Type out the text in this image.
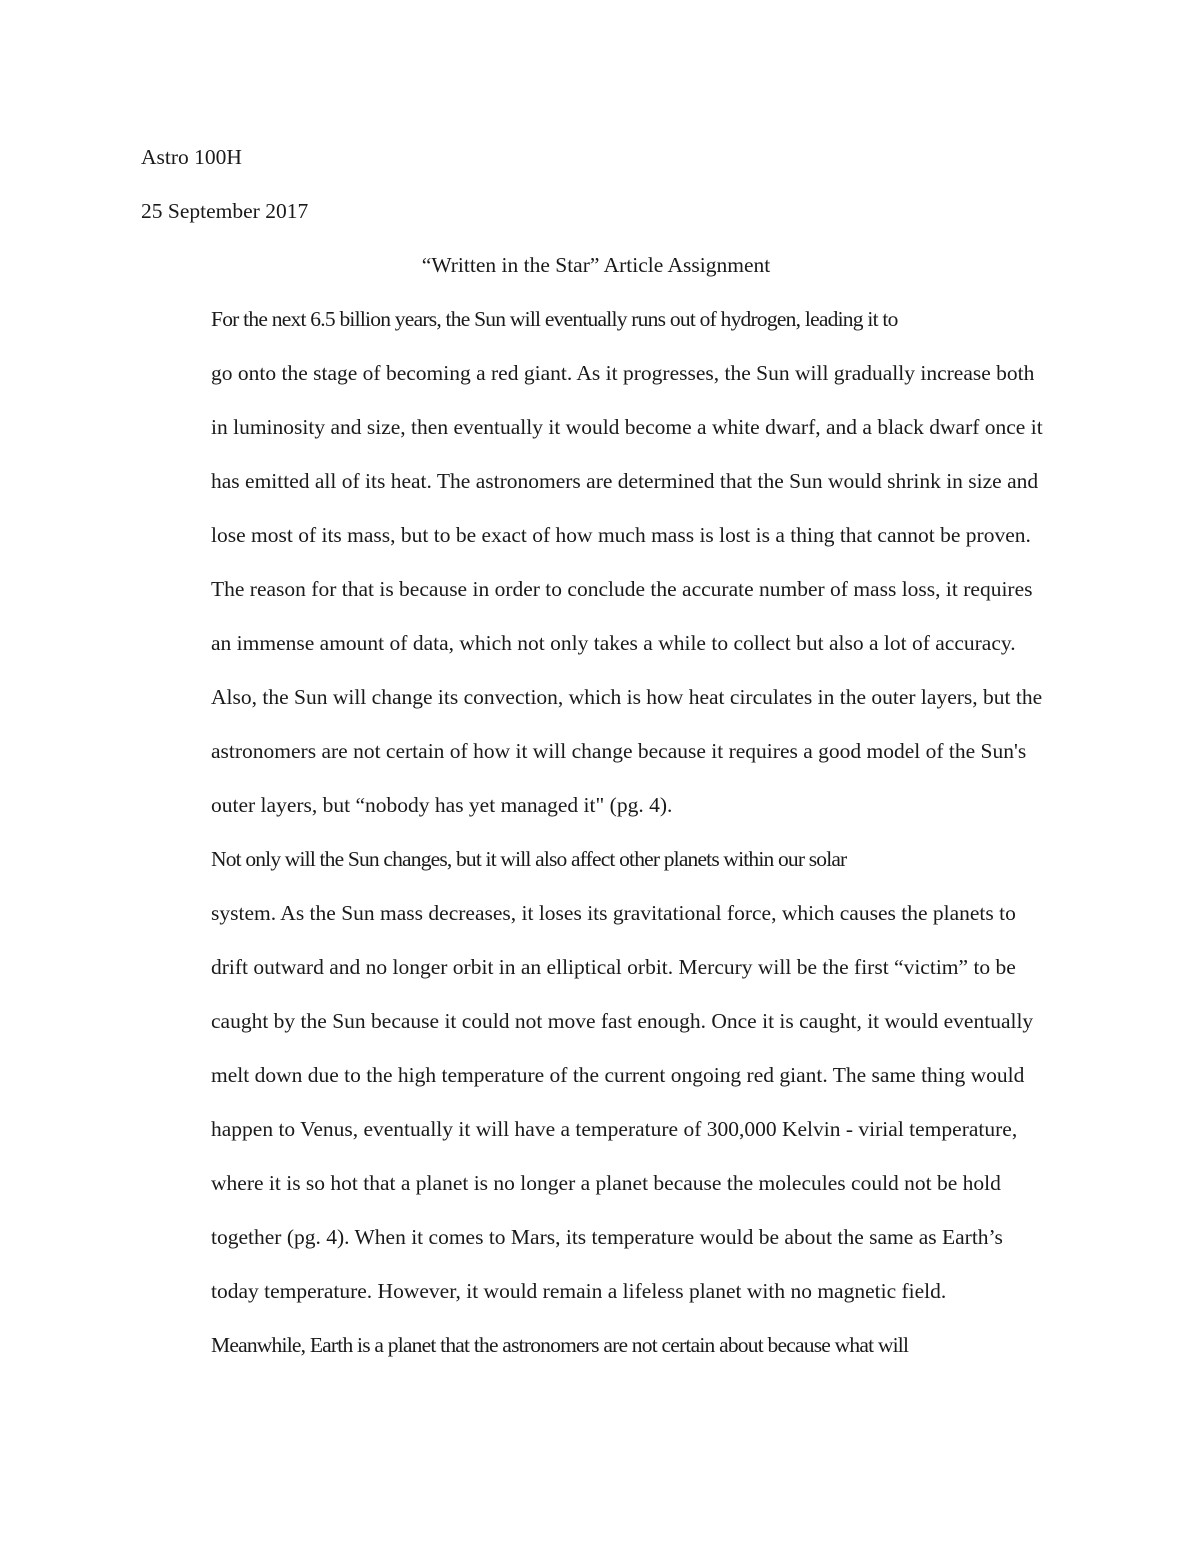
Astro 100H

25 September 2017

“Written in the Star” Article Assignment

For the next 6.5 billion years, the Sun will eventually runs out of hydrogen, leading it to
go onto the stage of becoming a red giant. As it progresses, the Sun will gradually increase both
in luminosity and size, then eventually it would become a white dwarf, and a black dwarf once it
has emitted all of its heat. The astronomers are determined that the Sun would shrink in size and
lose most of its mass, but to be exact of how much mass is lost is a thing that cannot be proven.
The reason for that is because in order to conclude the accurate number of mass loss, it requires
an immense amount of data, which not only takes a while to collect but also a lot of accuracy.
Also, the Sun will change its convection, which is how heat circulates in the outer layers, but the
astronomers are not certain of how it will change because it requires a good model of the Sun's
outer layers, but “nobody has yet managed it" (pg. 4).

Not only will the Sun changes, but it will also affect other planets within our solar
system. As the Sun mass decreases, it loses its gravitational force, which causes the planets to
drift outward and no longer orbit in an elliptical orbit. Mercury will be the first “victim” to be
caught by the Sun because it could not move fast enough. Once it is caught, it would eventually
melt down due to the high temperature of the current ongoing red giant. The same thing would
happen to Venus, eventually it will have a temperature of 300,000 Kelvin - virial temperature,
where it is so hot that a planet is no longer a planet because the molecules could not be hold
together (pg. 4). When it comes to Mars, its temperature would be about the same as Earth’s
today temperature. However, it would remain a lifeless planet with no magnetic field.

Meanwhile, Earth is a planet that the astronomers are not certain about because what will
